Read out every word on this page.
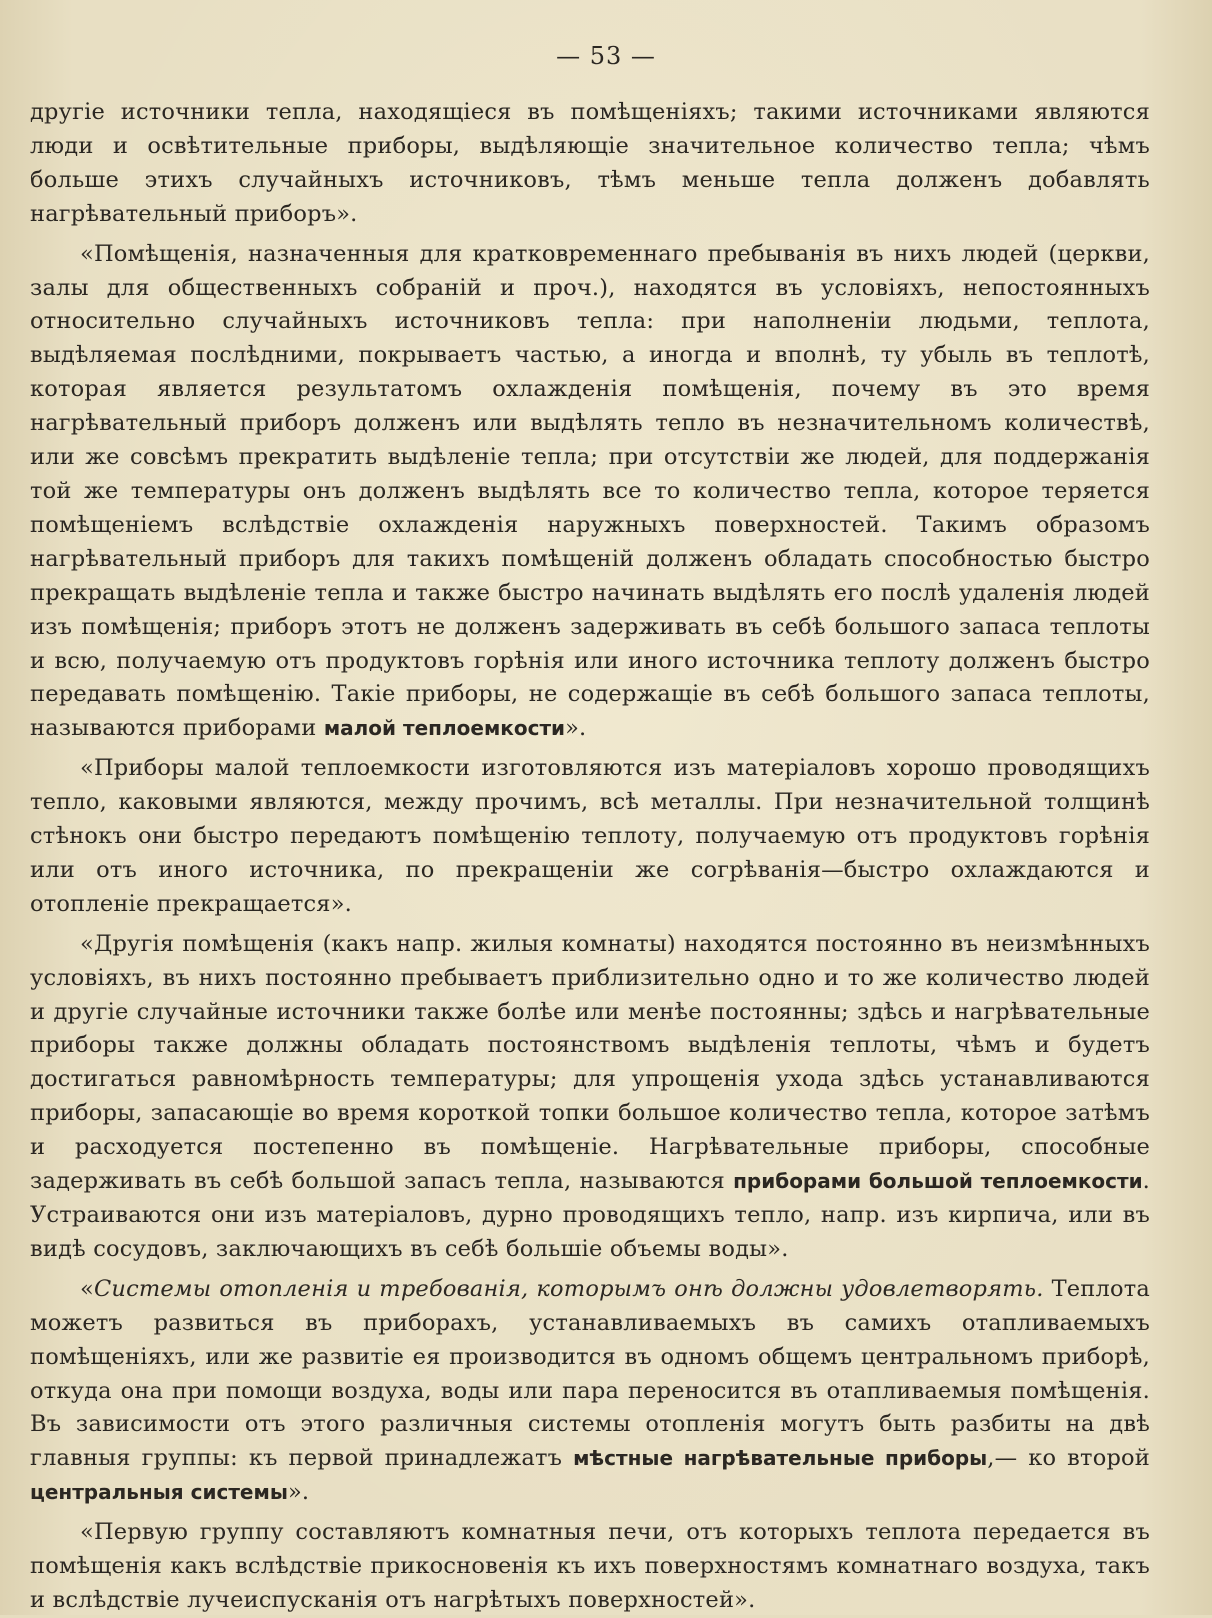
— 53 —

другіе источники тепла, находящіеся въ помѣщеніяхъ; такими источниками являются люди и освѣтительные приборы, выдѣляющіе значительное количество тепла; чѣмъ больше этихъ случайныхъ источниковъ, тѣмъ меньше тепла долженъ добавлять нагрѣвательный приборъ».

«Помѣщенія, назначенныя для кратковременнаго пребыванія въ нихъ людей (церкви, залы для общественныхъ собраній и проч.), находятся въ условіяхъ, непостоянныхъ относительно случайныхъ источниковъ тепла: при наполненіи людьми, теплота, выдѣляемая послѣдними, покрываетъ частью, а иногда и вполнѣ, ту убыль въ теплотѣ, которая является результатомъ охлажденія помѣщенія, почему въ это время нагрѣвательный приборъ долженъ или выдѣлять тепло въ незначительномъ количествѣ, или же совсѣмъ прекратить выдѣленіе тепла; при отсутствіи же людей, для поддержанія той же температуры онъ долженъ выдѣлять все то количество тепла, которое теряется помѣщеніемъ вслѣдствіе охлажденія наружныхъ поверхностей. Такимъ образомъ нагрѣвательный приборъ для такихъ помѣщеній долженъ обладать способностью быстро прекращать выдѣленіе тепла и также быстро начинать выдѣлять его послѣ удаленія людей изъ помѣщенія; приборъ этотъ не долженъ задерживать въ себѣ большого запаса теплоты и всю, получаемую отъ продуктовъ горѣнія или иного источника теплоту долженъ быстро передавать помѣщенію. Такіе приборы, не содержащіе въ себѣ большого запаса теплоты, называются приборами малой теплоемкости».

«Приборы малой теплоемкости изготовляются изъ матеріаловъ хорошо проводящихъ тепло, каковыми являются, между прочимъ, всѣ металлы. При незначительной толщинѣ стѣнокъ они быстро передаютъ помѣщенію теплоту, получаемую отъ продуктовъ горѣнія или отъ иного источника, по прекращеніи же согрѣванія—быстро охлаждаются и отопленіе прекращается».

«Другія помѣщенія (какъ напр. жилыя комнаты) находятся постоянно въ неизмѣнныхъ условіяхъ, въ нихъ постоянно пребываетъ приблизительно одно и то же количество людей и другіе случайные источники также болѣе или менѣе постоянны; здѣсь и нагрѣвательные приборы также должны обладать постоянствомъ выдѣленія теплоты, чѣмъ и будетъ достигаться равномѣрность температуры; для упрощенія ухода здѣсь устанавливаются приборы, запасающіе во время короткой топки большое количество тепла, которое затѣмъ и расходуется постепенно въ помѣщеніе. Нагрѣвательные приборы, способные задерживать въ себѣ большой запасъ тепла, называются приборами большой теплоемкости. Устраиваются они изъ матеріаловъ, дурно проводящихъ тепло, напр. изъ кирпича, или въ видѣ сосудовъ, заключающихъ въ себѣ большіе объемы воды».

«Системы отопленія и требованія, которымъ онѣ должны удовлетворять. Теплота можетъ развиться въ приборахъ, устанавливаемыхъ въ самихъ отапливаемыхъ помѣщеніяхъ, или же развитіе ея производится въ одномъ общемъ центральномъ приборѣ, откуда она при помощи воздуха, воды или пара переносится въ отапливаемыя помѣщенія. Въ зависимости отъ этого различныя системы отопленія могутъ быть разбиты на двѣ главныя группы: къ первой принадлежатъ мѣстные нагрѣвательные приборы,— ко второй центральныя системы».

«Первую группу составляютъ комнатныя печи, отъ которыхъ теплота передается въ помѣщенія какъ вслѣдствіе прикосновенія къ ихъ поверхностямъ комнатнаго воздуха, такъ и вслѣдствіе лучеиспусканія отъ нагрѣтыхъ поверхностей».
